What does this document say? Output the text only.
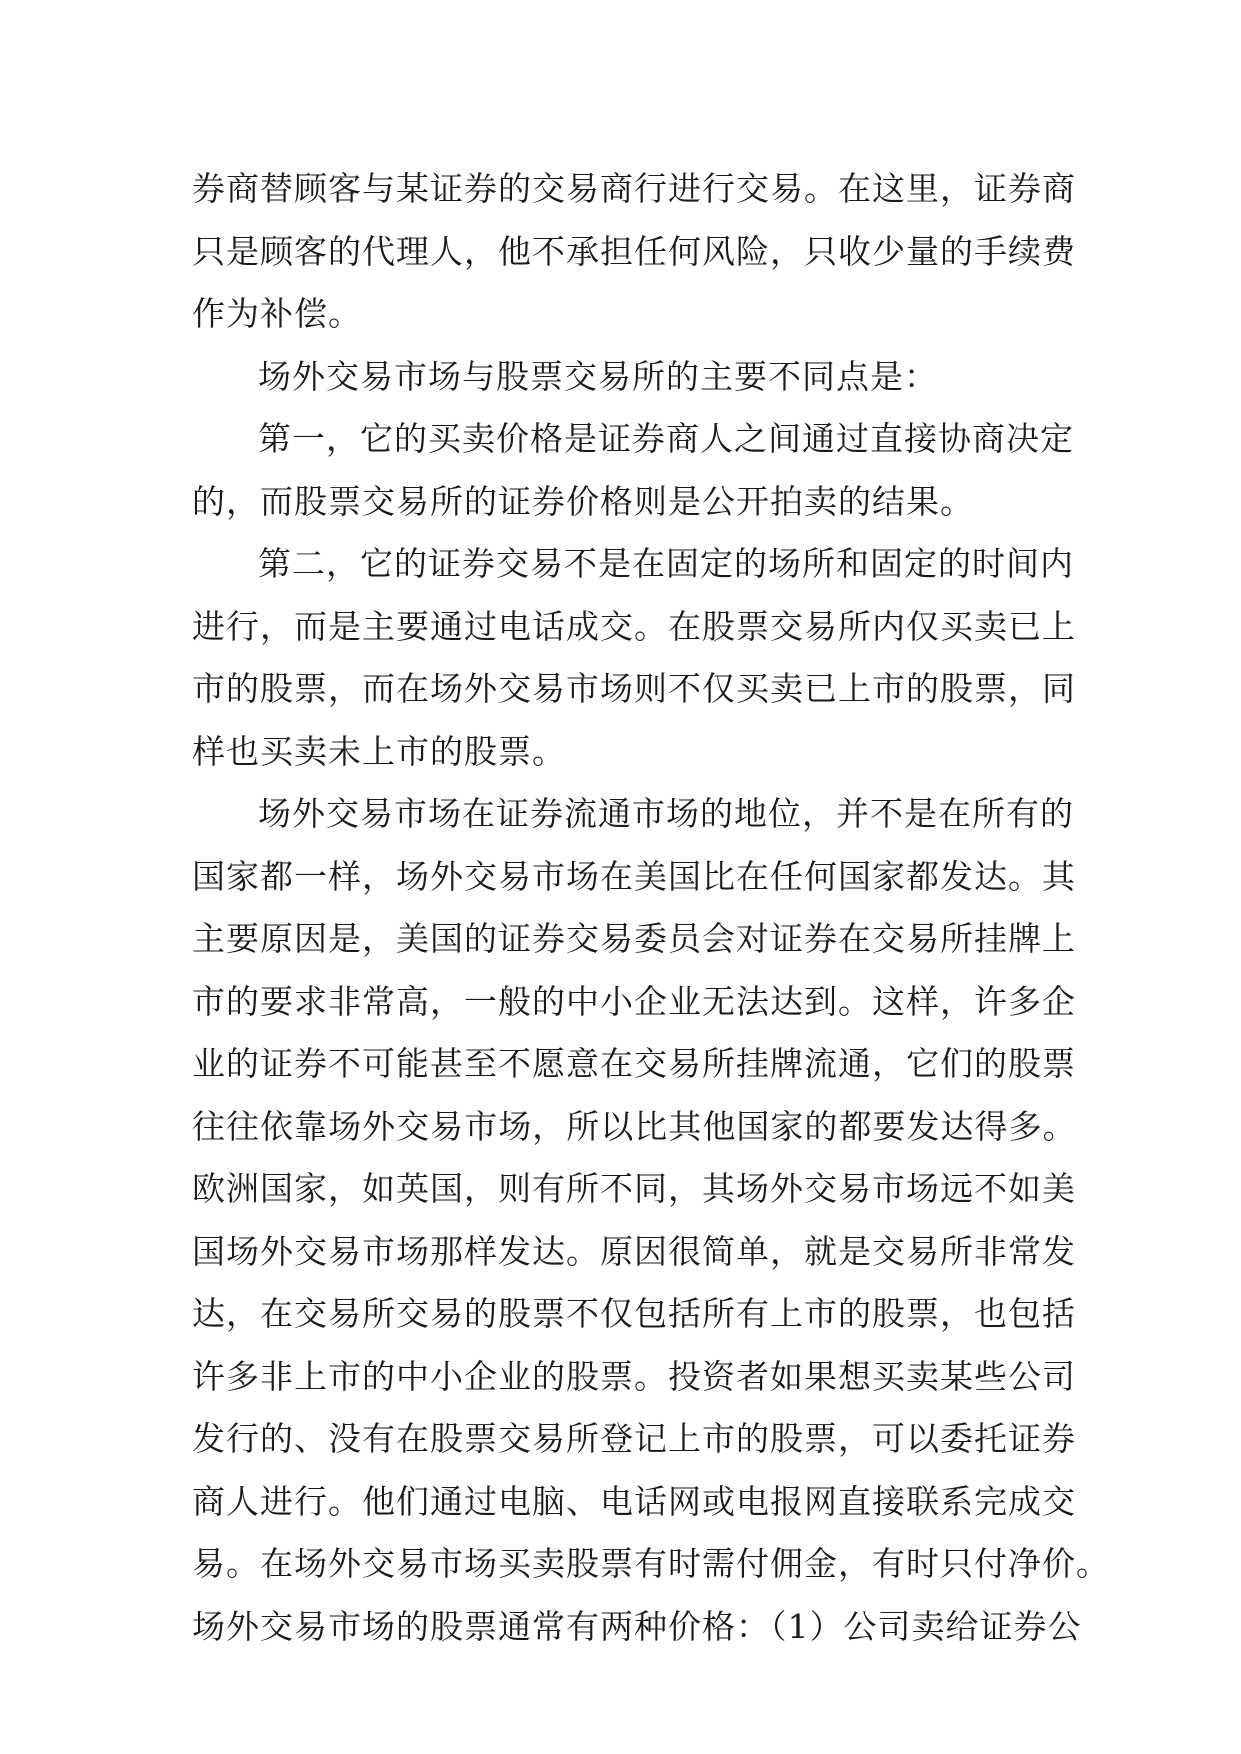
券商替顾客与某证券的交易商行进行交易。在这里，证券商
只是顾客的代理人，他不承担任何风险，只收少量的手续费
作为补偿。
场外交易市场与股票交易所的主要不同点是：
第一，它的买卖价格是证券商人之间通过直接协商决定
的，而股票交易所的证券价格则是公开拍卖的结果。
第二，它的证券交易不是在固定的场所和固定的时间内
进行，而是主要通过电话成交。在股票交易所内仅买卖已上
市的股票，而在场外交易市场则不仅买卖已上市的股票，同
样也买卖未上市的股票。
场外交易市场在证券流通市场的地位，并不是在所有的
国家都一样，场外交易市场在美国比在任何国家都发达。其
主要原因是，美国的证券交易委员会对证券在交易所挂牌上
市的要求非常高，一般的中小企业无法达到。这样，许多企
业的证券不可能甚至不愿意在交易所挂牌流通，它们的股票
往往依靠场外交易市场，所以比其他国家的都要发达得多。
欧洲国家，如英国，则有所不同，其场外交易市场远不如美
国场外交易市场那样发达。原因很简单，就是交易所非常发
达，在交易所交易的股票不仅包括所有上市的股票，也包括
许多非上市的中小企业的股票。投资者如果想买卖某些公司
发行的、没有在股票交易所登记上市的股票，可以委托证券
商人进行。他们通过电脑、电话网或电报网直接联系完成交
易。在场外交易市场买卖股票有时需付佣金，有时只付净价。
场外交易市场的股票通常有两种价格：（1）公司卖给证券公
